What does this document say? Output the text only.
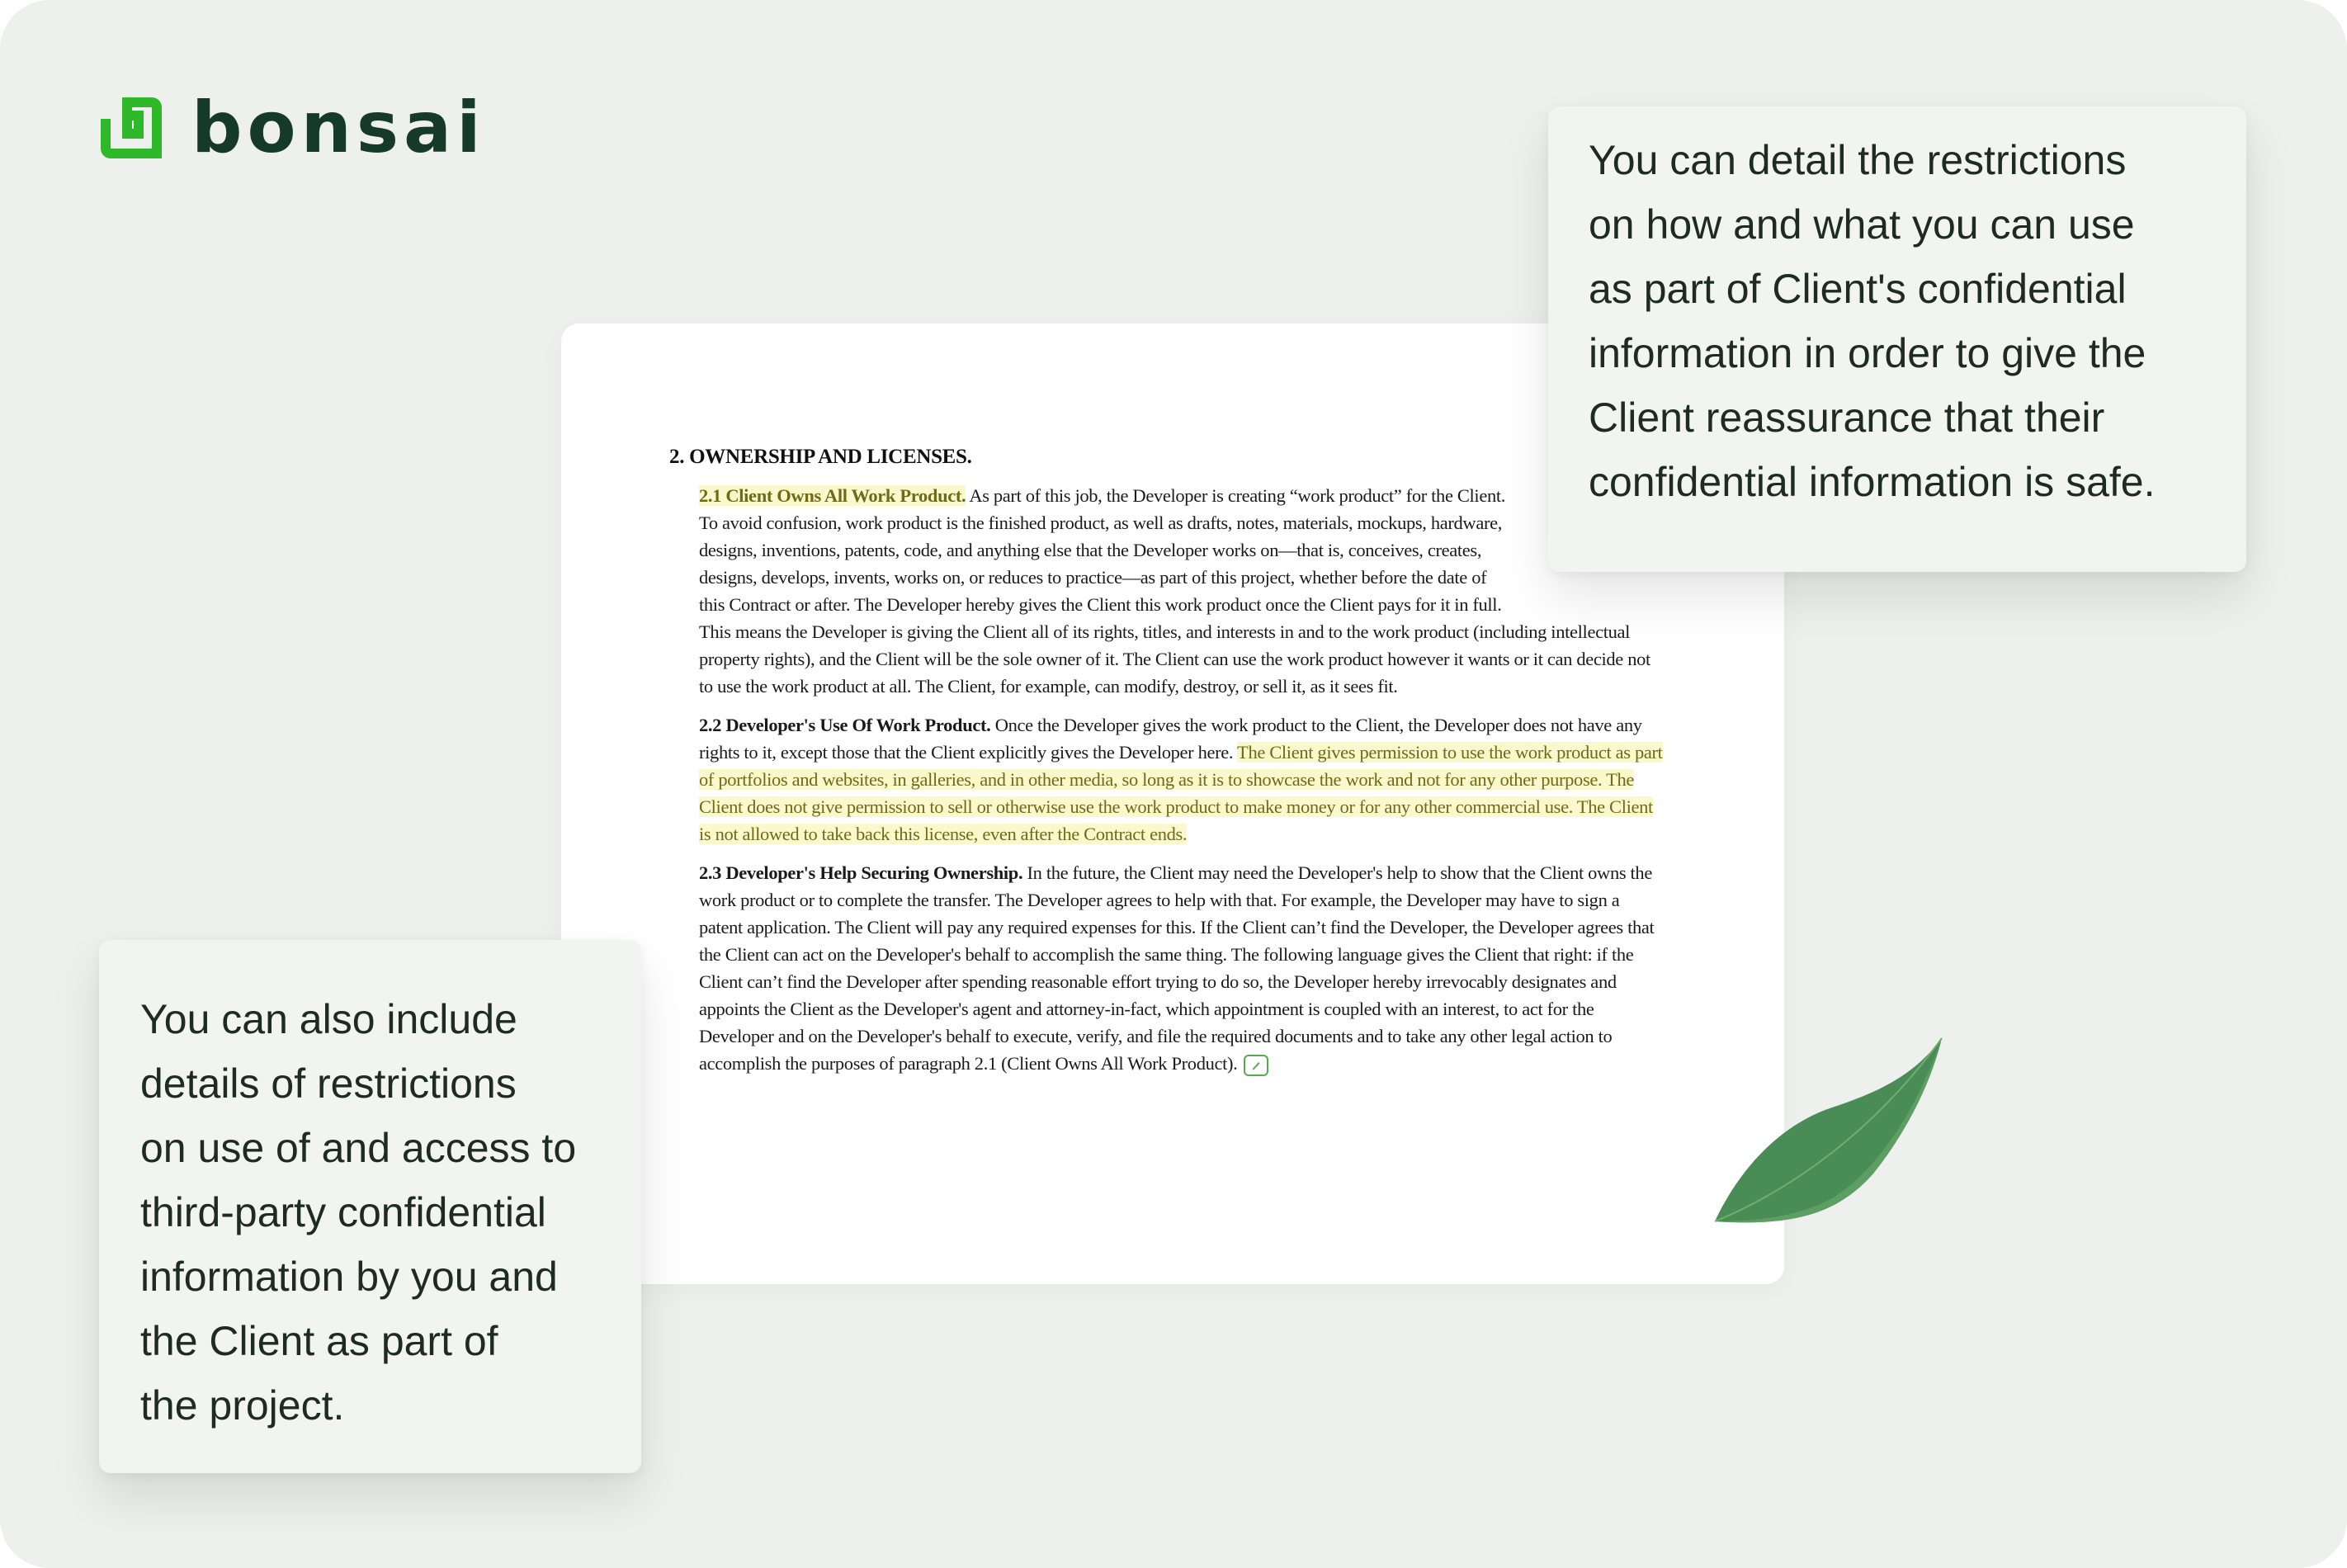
bonsai
2. OWNERSHIP AND LICENSES.

2.1 Client Owns All Work Product. As part of this job, the Developer is creating “work product” for the Client. To avoid confusion, work product is the finished product, as well as drafts, notes, materials, mockups, hardware, designs, inventions, patents, code, and anything else that the Developer works on—that is, conceives, creates, designs, develops, invents, works on, or reduces to practice—as part of this project, whether before the date of this Contract or after. The Developer hereby gives the Client this work product once the Client pays for it in full. This means the Developer is giving the Client all of its rights, titles, and interests in and to the work product (including intellectual property rights), and the Client will be the sole owner of it. The Client can use the work product however it wants or it can decide not to use the work product at all. The Client, for example, can modify, destroy, or sell it, as it sees fit.

2.2 Developer's Use Of Work Product. Once the Developer gives the work product to the Client, the Developer does not have any rights to it, except those that the Client explicitly gives the Developer here. The Client gives permission to use the work product as part of portfolios and websites, in galleries, and in other media, so long as it is to showcase the work and not for any other purpose. The Client does not give permission to sell or otherwise use the work product to make money or for any other commercial use. The Client is not allowed to take back this license, even after the Contract ends.

2.3 Developer's Help Securing Ownership. In the future, the Client may need the Developer's help to show that the Client owns the work product or to complete the transfer. The Developer agrees to help with that. For example, the Developer may have to sign a patent application. The Client will pay any required expenses for this. If the Client can’t find the Developer, the Developer agrees that the Client can act on the Developer's behalf to accomplish the same thing. The following language gives the Client that right: if the Client can’t find the Developer after spending reasonable effort trying to do so, the Developer hereby irrevocably designates and appoints the Client as the Developer's agent and attorney-in-fact, which appointment is coupled with an interest, to act for the Developer and on the Developer's behalf to execute, verify, and file the required documents and to take any other legal action to accomplish the purposes of paragraph 2.1 (Client Owns All Work Product).

You can detail the restrictions
on how and what you can use
as part of Client's confidential
information in order to give the
Client reassurance that their
confidential information is safe.
You can also include
details of restrictions
on use of and access to
third-party confidential
information by you and
the Client as part of
the project.
